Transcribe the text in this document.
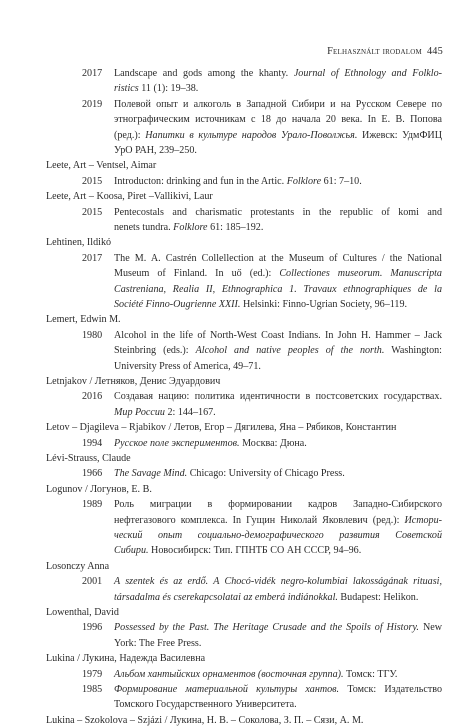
Felhasznált irodalom 445
2017 Landscape and gods among the khanty. Journal of Ethnology and Folklo-
ristics 11 (1): 19–38.
2019 Полевой опыт и алкоголь в Западной Сибири и на Русском Севере по
этнографическим источникам с 18 до начала 20 века. In Е. В. Попова
(ред.): Напитки в культуре народов Урало-Поволжья. Ижевск: УдмФИЦ
УрО РАН, 239–250.
Leete, Art – Ventsel, Aimar
2015 Introducton: drinking and fun in the Artic. Folklore 61: 7–10.
Leete, Art – Koosa, Piret –Vallikivi, Laur
2015 Pentecostals and charismatic protestants in the republic of komi and
nenets tundra. Folklore 61: 185–192.
Lehtinen, Ildikó
2017 The M. A. Castrén Collellection at the Museum of Cultures / the National
Museum of Finland. In uő (ed.): Collectiones museorum. Manuscripta
Castreniana, Realia II, Ethnographica 1. Travaux ethnographiques de la
Société Finno-Ougrienne XXII. Helsinki: Finno-Ugrian Society, 96–119.
Lemert, Edwin M.
1980 Alcohol in the life of North-West Coast Indians. In John H. Hammer – Jack
Steinbring (eds.): Alcohol and native peoples of the north. Washington:
University Press of America, 49–71.
Letnjakov / Летняков, Денис Эдуардович
2016 Создавая нацию: политика идентичности в постсоветских государствах.
Мир России 2: 144–167.
Letov – Djagileva – Rjabikov / Летов, Егор – Дягилева, Яна – Рябиков, Константин
1994 Русское поле экспериментов. Москва: Дюна.
Lévi-Strauss, Claude
1966 The Savage Mind. Chicago: University of Chicago Press.
Logunov / Логунов, Е. В.
1989 Роль миграции в формировании кадров Западно-Сибирского
нефтегазового комплекса. In Гущин Николай Яковлевич (ред.): Истори-
ческий опыт социально-демографического развития Советской
Сибири. Новосибирск: Тип. ГПНТБ СО АН СССР, 94–96.
Losonczy Anna
2001 A szentek és az erdő. A Chocó-vidék negro-kolumbiai lakosságának rituasi,
társadalma és cserekapcsolatai az emberá indiánokkal. Budapest: Helikon.
Lowenthal, David
1996 Possessed by the Past. The Heritage Crusade and the Spoils of History. New
York: The Free Press.
Lukina / Лукина, Надежда Василевна
1979 Альбом хантыйских орнаментов (восточная группа). Томск: ТГУ.
1985 Формирование материальной культуры хантов. Томск: Издательство
Томского Государственного Университета.
Lukina – Szokolova – Szjázi / Лукина, Н. В. – Соколова, З. П. – Сязи, А. М.
